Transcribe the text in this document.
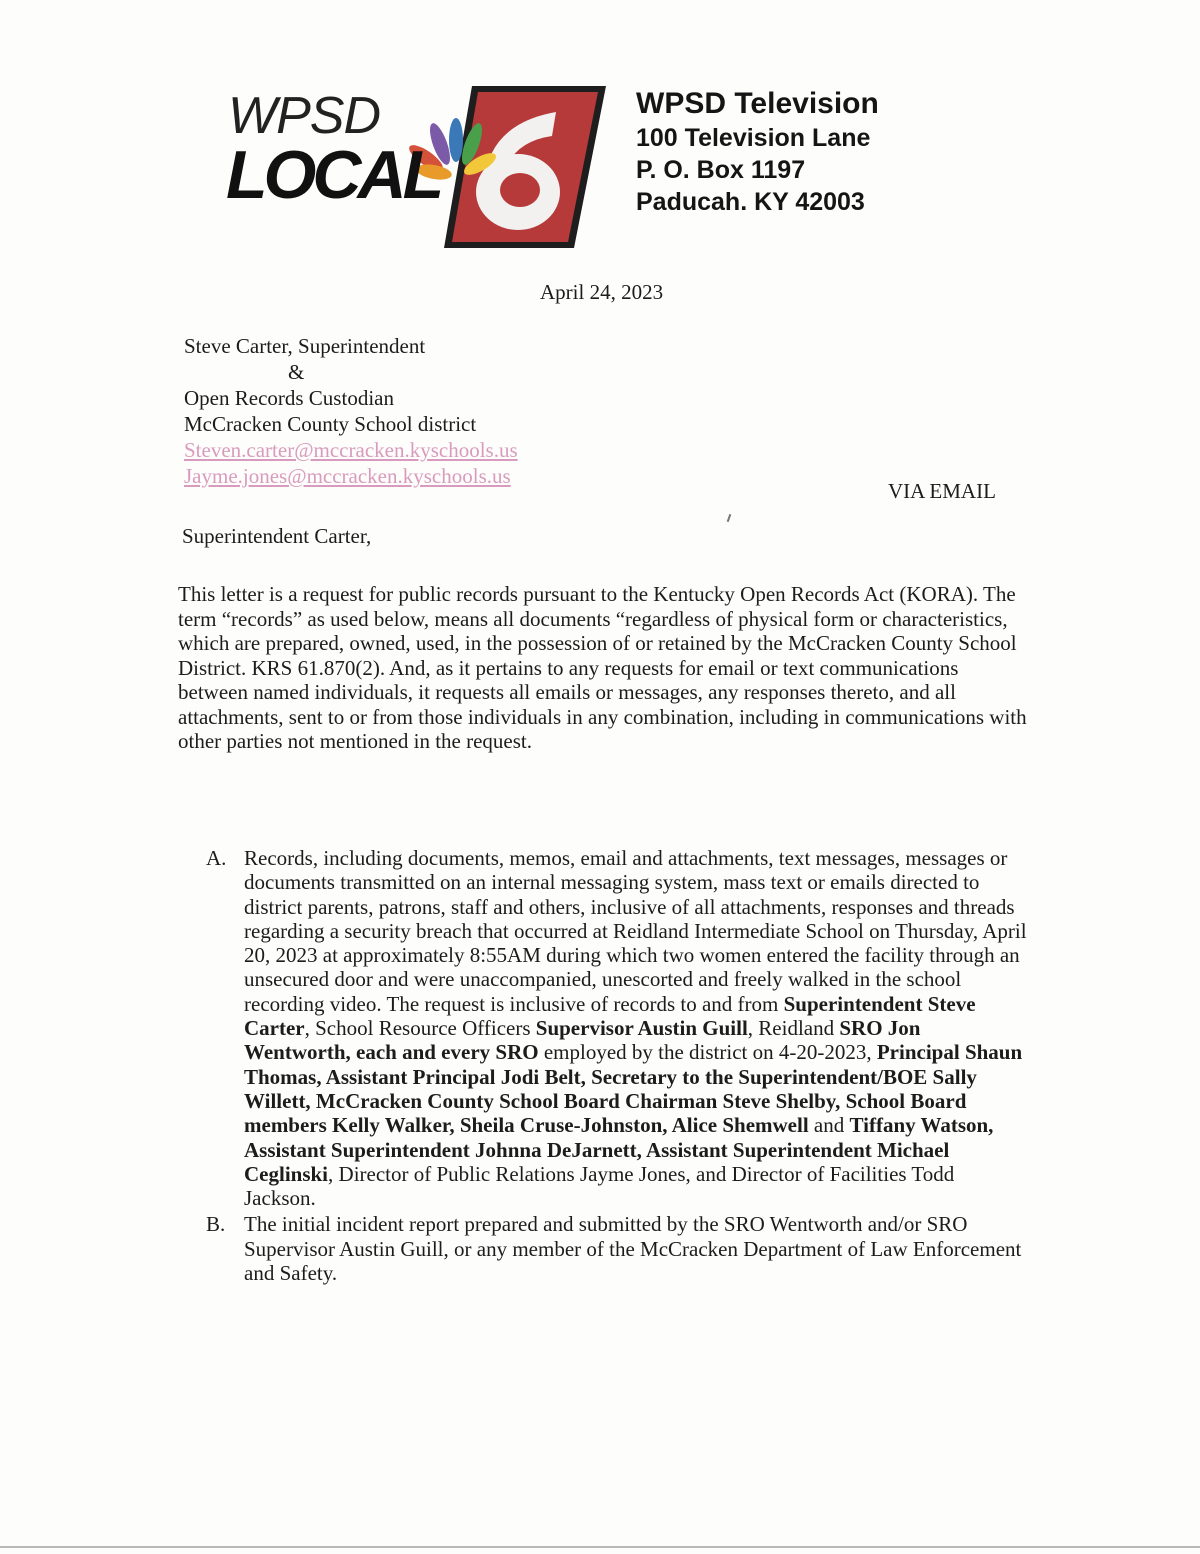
WPSD
LOCAL
WPSD Television
100 Television Lane
P. O. Box 1197
Paducah. KY 42003
April 24, 2023
Steve Carter, Superintendent
&
Open Records Custodian
McCracken County School district
Steven.carter@mccracken.kyschools.us
Jayme.jones@mccracken.kyschools.us
VIA EMAIL
Superintendent Carter,

This letter is a request for public records pursuant to the Kentucky Open Records Act (KORA). The term “records” as used below, means all documents “regardless of physical form or characteristics, which are prepared, owned, used, in the possession of or retained by the McCracken County School District. KRS 61.870(2). And, as it pertains to any requests for email or text communications between named individuals, it requests all emails or messages, any responses thereto, and all attachments, sent to or from those individuals in any combination, including in communications with other parties not mentioned in the request.

A. Records, including documents, memos, email and attachments, text messages, messages or documents transmitted on an internal messaging system, mass text or emails directed to district parents, patrons, staff and others, inclusive of all attachments, responses and threads regarding a security breach that occurred at Reidland Intermediate School on Thursday, April 20, 2023 at approximately 8:55AM during which two women entered the facility through an unsecured door and were unaccompanied, unescorted and freely walked in the school recording video. The request is inclusive of records to and from Superintendent Steve Carter, School Resource Officers Supervisor Austin Guill, Reidland SRO Jon Wentworth, each and every SRO employed by the district on 4-20-2023, Principal Shaun Thomas, Assistant Principal Jodi Belt, Secretary to the Superintendent/BOE Sally Willett, McCracken County School Board Chairman Steve Shelby, School Board members Kelly Walker, Sheila Cruse-Johnston, Alice Shemwell and Tiffany Watson, Assistant Superintendent Johnna DeJarnett, Assistant Superintendent Michael Ceglinski, Director of Public Relations Jayme Jones, and Director of Facilities Todd Jackson.
B. The initial incident report prepared and submitted by the SRO Wentworth and/or SRO Supervisor Austin Guill, or any member of the McCracken Department of Law Enforcement and Safety.
